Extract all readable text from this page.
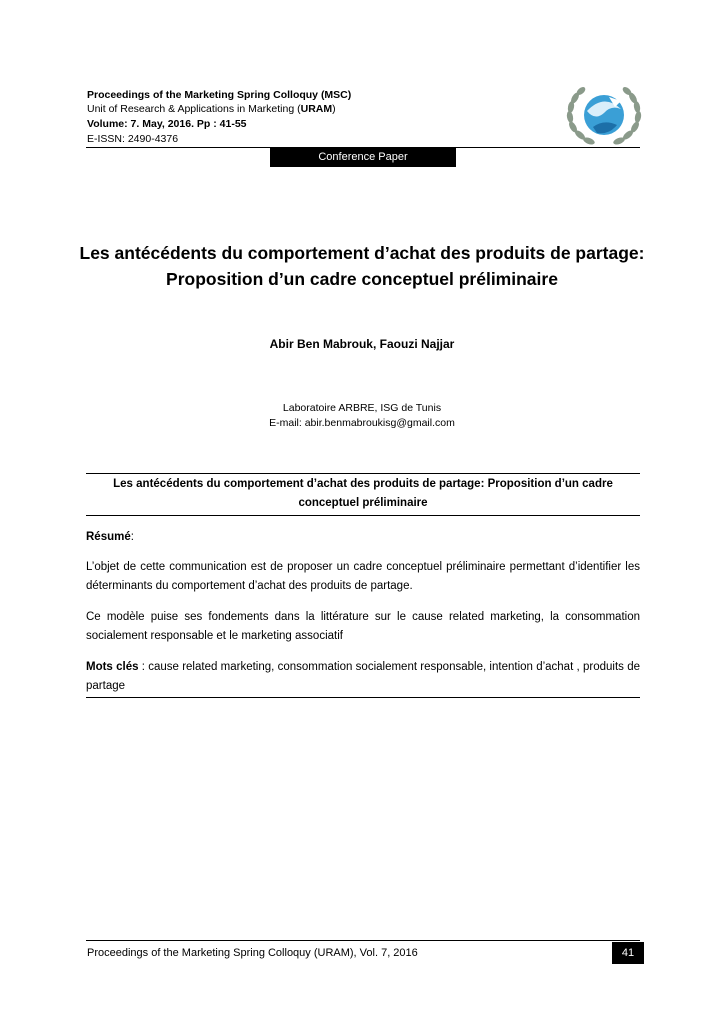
Proceedings of the Marketing Spring Colloquy (MSC)
Unit of Research & Applications in Marketing (URAM)
Volume: 7. May, 2016. Pp : 41-55
E-ISSN: 2490-4376
Conference Paper
Les antécédents du comportement d’achat des produits de partage:
Proposition d’un cadre conceptuel préliminaire
Abir Ben Mabrouk, Faouzi Najjar
Laboratoire ARBRE, ISG de Tunis
E-mail: abir.benmabroukisg@gmail.com
Les antécédents du comportement d’achat des produits de partage: Proposition d’un cadre
conceptuel préliminaire
Résumé:
L’objet de cette communication est de proposer un cadre conceptuel préliminaire permettant d’identifier les déterminants du comportement d’achat des produits de partage.
Ce modèle puise ses fondements dans la littérature sur le cause related marketing, la consommation socialement responsable et le marketing associatif
Mots clés : cause related marketing, consommation socialement responsable, intention d’achat , produits de partage
Proceedings of the Marketing Spring Colloquy (URAM), Vol. 7, 2016	41
